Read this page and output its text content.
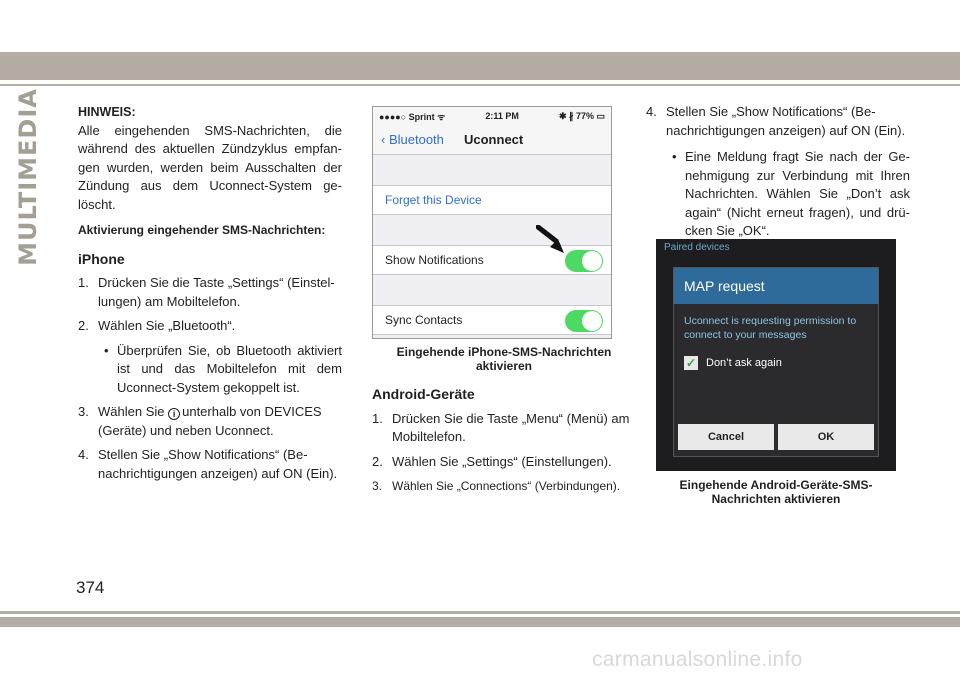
MULTIMEDIA	HINWEIS:
Alle eingehenden SMS-Nachrichten, die während des aktuellen Zündzyklus empfan-gen wurden, werden beim Ausschalten der Zündung aus dem Uconnect-System ge-löscht.
Aktivierung eingehender SMS-Nachrichten:
iPhone
1. Drücken Sie die Taste „Settings“ (Einstel-lungen) am Mobiltelefon.
2. Wählen Sie „Bluetooth“.
• Überprüfen Sie, ob Bluetooth aktiviert ist und das Mobiltelefon mit dem Uconnect-System gekoppelt ist.
3. Wählen Sie i unterhalb von DEVICES (Geräte) und neben Uconnect.
4. Stellen Sie „Show Notifications“ (Be-nachrichtigungen anzeigen) auf ON (Ein).
●●●●○ Sprint ᯤ	2:11 PM	✱ ∦ 77% ▭
‹ Bluetooth Uconnect
Forget this Device
Show Notifications
Sync Contacts
Eingehende iPhone-SMS-Nachrichten aktivieren
Android-Geräte
1. Drücken Sie die Taste „Menu“ (Menü) am Mobiltelefon.
2. Wählen Sie „Settings“ (Einstellungen).
3. Wählen Sie „Connections“ (Verbindungen).
4. Stellen Sie „Show Notifications“ (Be-nachrichtigungen anzeigen) auf ON (Ein).
• Eine Meldung fragt Sie nach der Ge-nehmigung zur Verbindung mit Ihren Nachrichten. Wählen Sie „Don’t ask again“ (Nicht erneut fragen), und drü-cken Sie „OK“.
Paired devices
MAP request
Uconnect is requesting permission to connect to your messages
✓ Don’t ask again
Cancel	OK
Eingehende Android-Geräte-SMS-Nachrichten aktivieren
374
carmanualsonline.info
